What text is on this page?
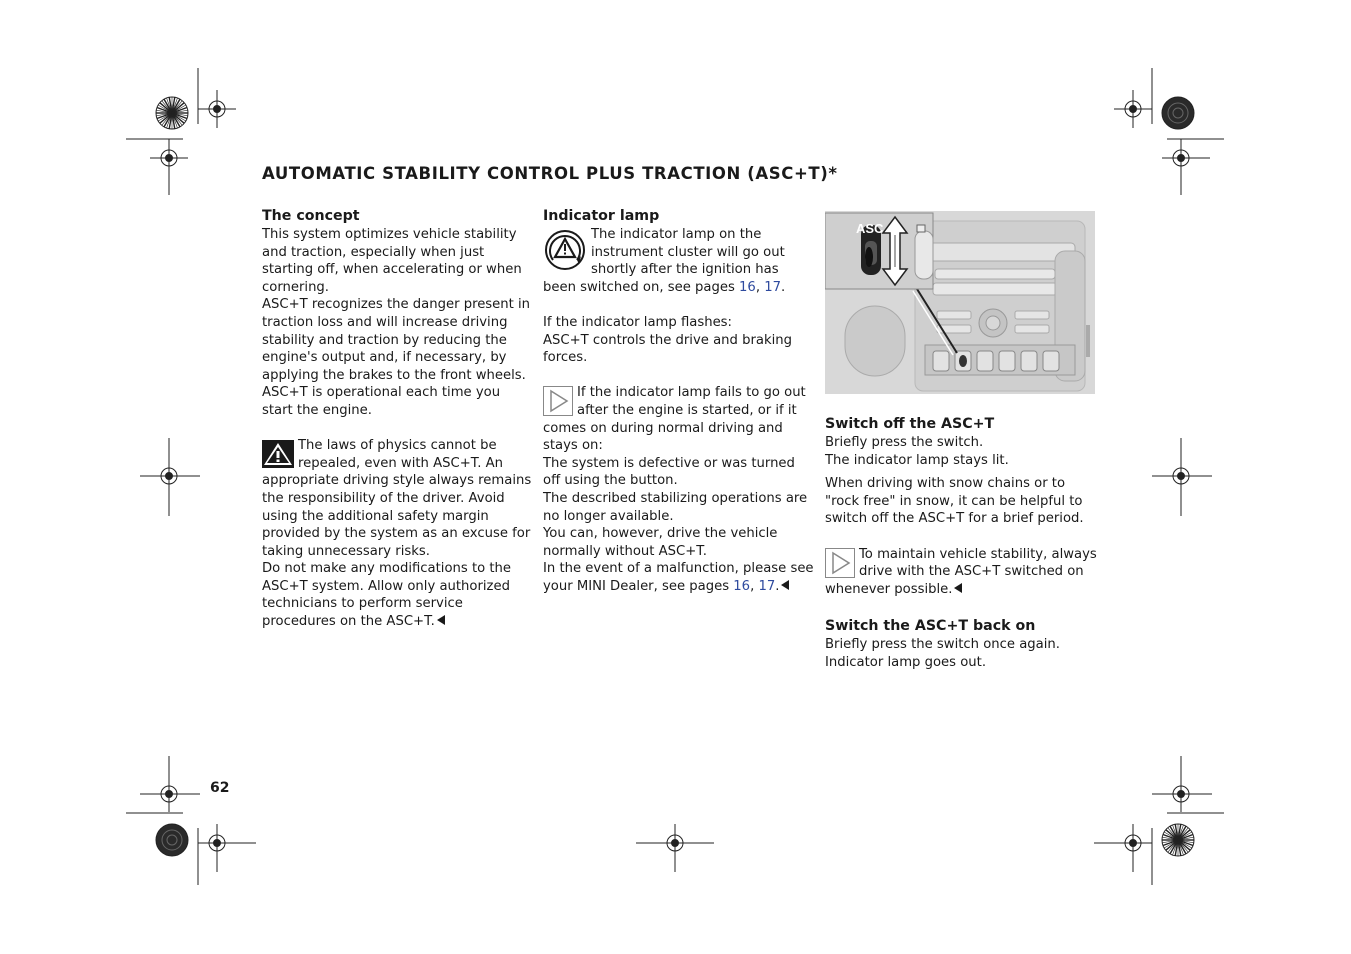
AUTOMATIC STABILITY CONTROL PLUS TRACTION (ASC+T)*

The concept

This system optimizes vehicle stability and traction, especially when just starting off, when accelerating or when cornering.

ASC+T recognizes the danger present in traction loss and will increase driving stability and traction by reducing the engine's output and, if necessary, by applying the brakes to the front wheels. ASC+T is operational each time you start the engine.

The laws of physics cannot be repealed, even with ASC+T. An appropriate driving style always remains the responsibility of the driver. Avoid using the additional safety margin provided by the system as an excuse for taking unnecessary risks.

Do not make any modifications to the ASC+T system. Allow only authorized technicians to perform service procedures on the ASC+T.

Indicator lamp

The indicator lamp on the instrument cluster will go out shortly after the ignition has been switched on, see pages 16, 17.

If the indicator lamp flashes:

ASC+T controls the drive and braking forces.

If the indicator lamp fails to go out after the engine is started, or if it comes on during normal driving and stays on:

The system is defective or was turned off using the button.

The described stabilizing operations are no longer available.

You can, however, drive the vehicle normally without ASC+T.

In the event of a malfunction, please see your MINI Dealer, see pages 16, 17.

ASC

Switch off the ASC+T

Briefly press the switch.

The indicator lamp stays lit.

When driving with snow chains or to "rock free" in snow, it can be helpful to switch off the ASC+T for a brief period.

To maintain vehicle stability, always drive with the ASC+T switched on whenever possible.

Switch the ASC+T back on

Briefly press the switch once again.

Indicator lamp goes out.

62
